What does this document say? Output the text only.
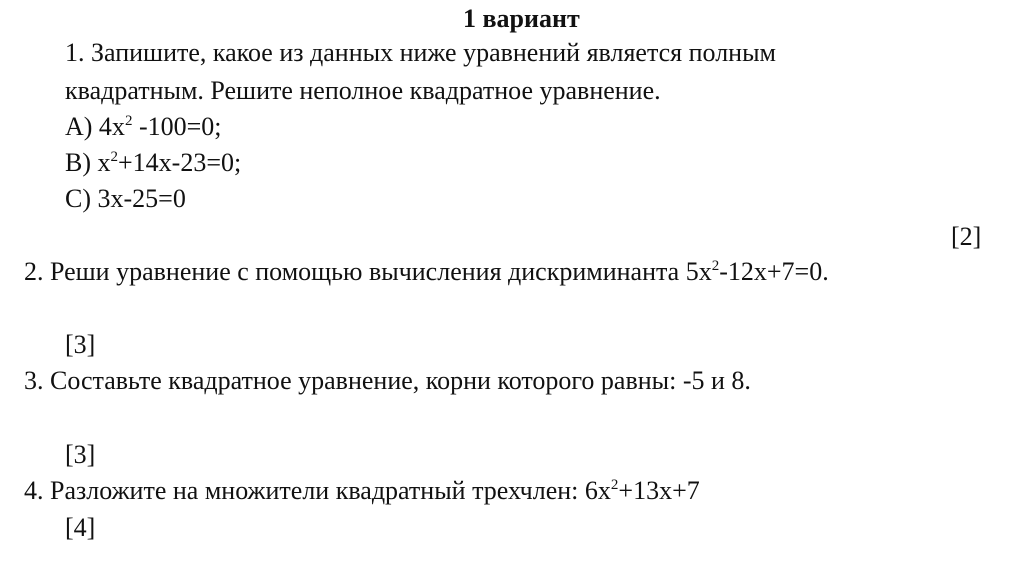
1 вариант
1. Запишите, какое из данных ниже уравнений является полным
квадратным. Решите неполное квадратное уравнение.
А) $4x^2$ -100=0;
В) $x^2+14x-23=0$;
С) 3x-25=0
[2]
2. Реши уравнение с помощью вычисления дискриминанта $5x^2-12x+7=0$.
[3]
3. Составьте квадратное уравнение, корни которого равны: -5 и 8.
[3]
4. Разложите на множители квадратный трехчлен: $6x^2+13x+7$
[4]
